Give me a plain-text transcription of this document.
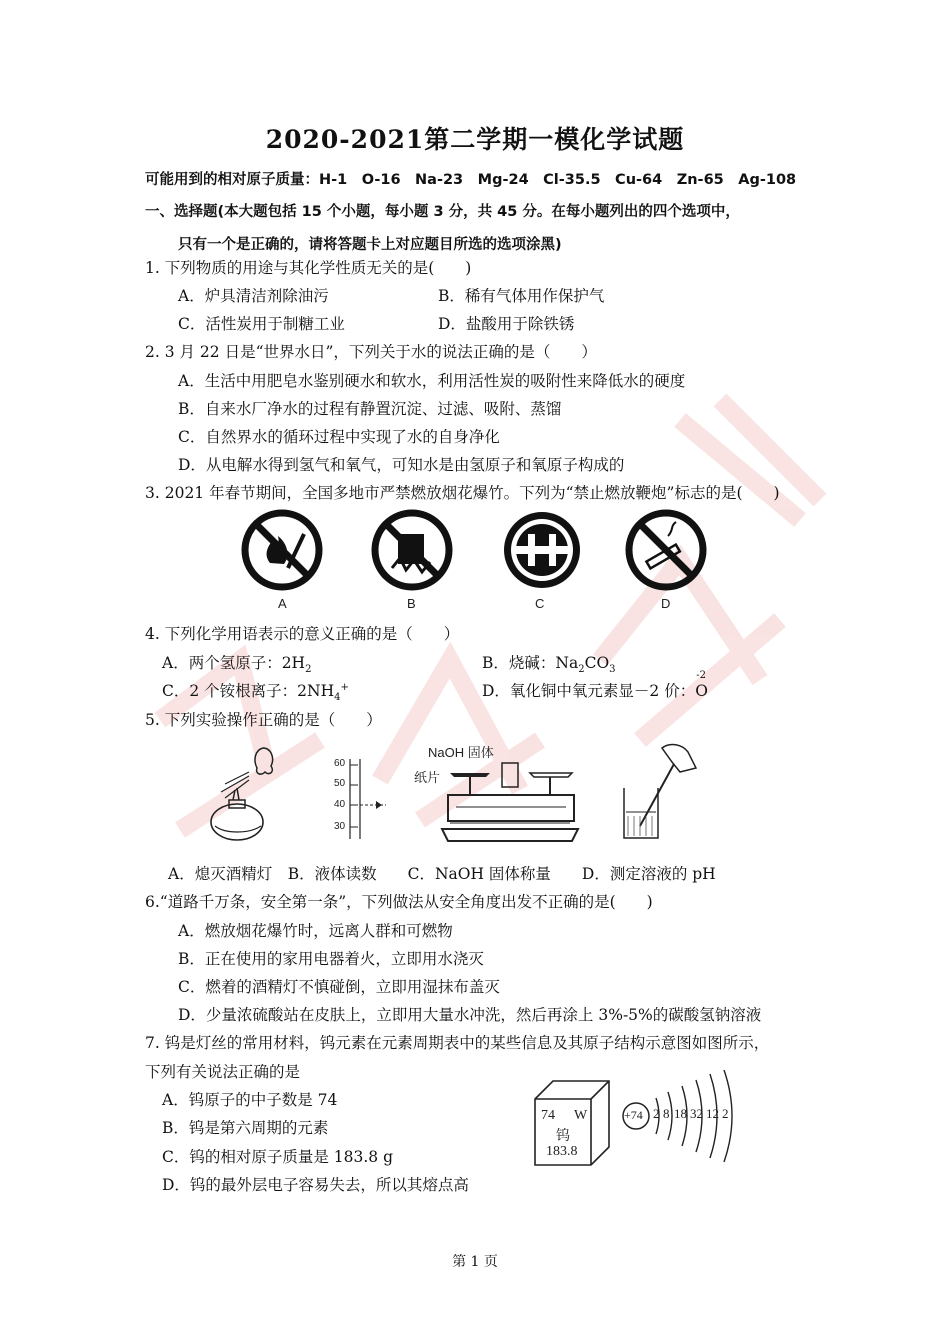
2020-2021第二学期一模化学试题
可能用到的相对原子质量：H-1　O-16　Na-23　Mg-24　Cl-35.5　Cu-64　Zn-65　Ag-108
一、选择题(本大题包括 15 个小题，每小题 3 分，共 45 分。在每小题列出的四个选项中，
只有一个是正确的，请将答题卡上对应题目所选的选项涂黑)
1. 下列物质的用途与其化学性质无关的是(　　)
A．炉具清洁剂除油污	B．稀有气体用作保护气
C．活性炭用于制糖工业	D．盐酸用于除铁锈
2. 3 月 22 日是“世界水日”，下列关于水的说法正确的是（　　）
A．生活中用肥皂水鉴别硬水和软水，利用活性炭的吸附性来降低水的硬度
B．自来水厂净水的过程有静置沉淀、过滤、吸附、蒸馏
C．自然界水的循环过程中实现了水的自身净化
D．从电解水得到氢气和氧气，可知水是由氢原子和氧原子构成的
3. 2021 年春节期间，全国多地市严禁燃放烟花爆竹。下列为“禁止燃放鞭炮”标志的是(　　)
A	B	C	D
4. 下列化学用语表示的意义正确的是（　　）
A．两个氢原子：$2H_2$	B．烧碱：$Na_2CO_3$
C．2 个铵根离子：$2NH_4^+$	D．氧化铜中氧元素显－2 价：
-2
O
5. 下列实验操作正确的是（　　）
60
50
40
30
NaOH 固体
纸片
A．熄灭酒精灯　B．液体读数　　C．NaOH 固体称量　　D．测定溶液的 pH
6.“道路千万条，安全第一条”，下列做法从安全角度出发不正确的是(　　)
A．燃放烟花爆竹时，远离人群和可燃物
B．正在使用的家用电器着火，立即用水浇灭
C．燃着的酒精灯不慎碰倒，立即用湿抹布盖灭
D．少量浓硫酸站在皮肤上，立即用大量水冲洗，然后再涂上 3%-5%的碳酸氢钠溶液
7. 钨是灯丝的常用材料，钨元素在元素周期表中的某些信息及其原子结构示意图如图所示，
下列有关说法正确的是
A．钨原子的中子数是 74
B．钨是第六周期的元素
C．钨的相对原子质量是 183.8 g
D．钨的最外层电子容易失去，所以其熔点高
74 W
钨
183.8
+74 2 8 18 32 12 2
第 1 页
